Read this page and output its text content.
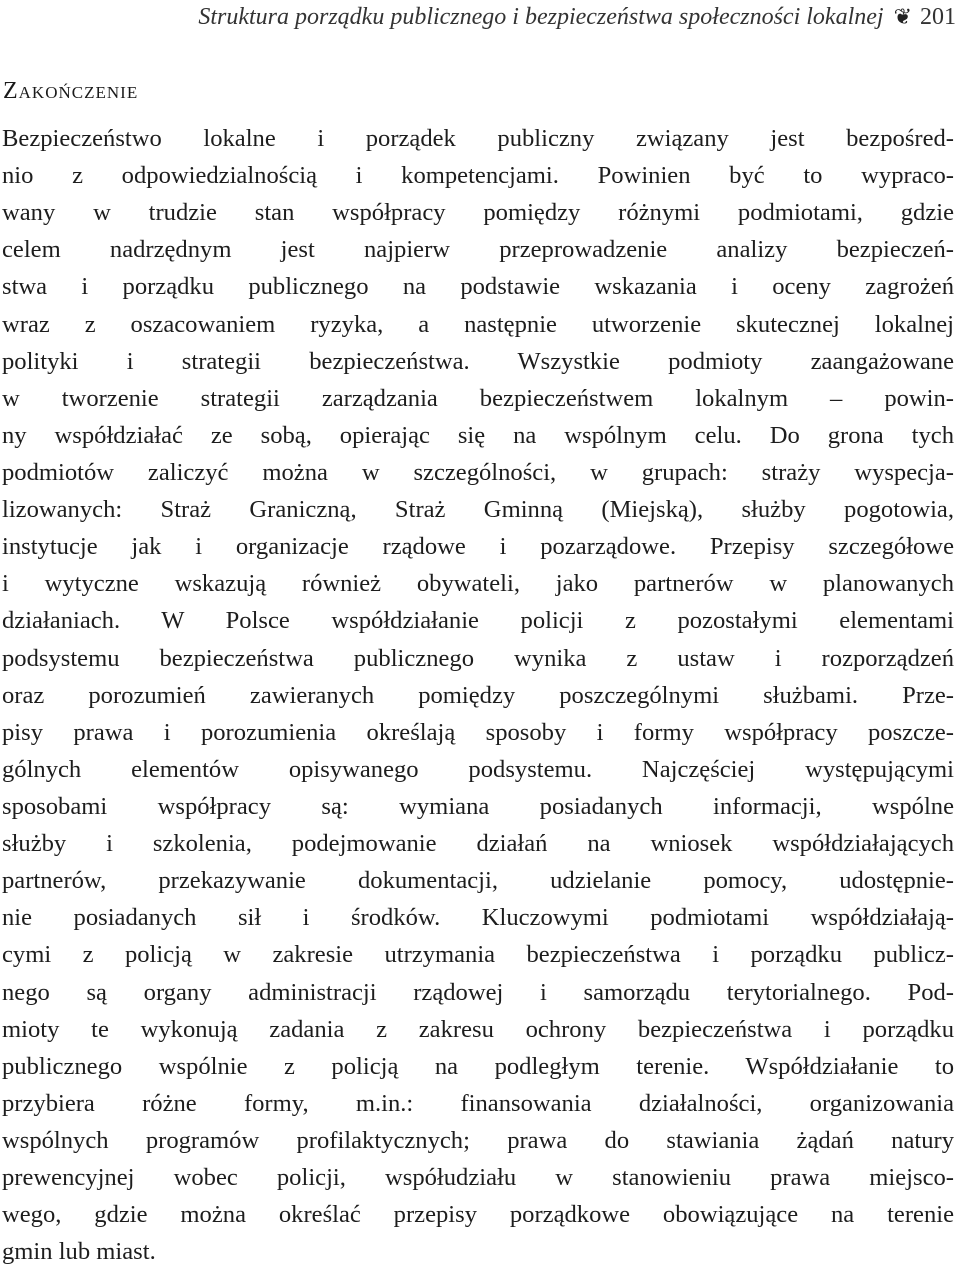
Struktura porządku publicznego i bezpieczeństwa społeczności lokalnej ❦ 201
Zakończenie
Bezpieczeństwo lokalne i porządek publiczny związany jest bezpośred-
nio z odpowiedzialnością i kompetencjami. Powinien być to wypraco-
wany w trudzie stan współpracy pomiędzy różnymi podmiotami, gdzie
celem nadrzędnym jest najpierw przeprowadzenie analizy bezpieczeń-
stwa i porządku publicznego na podstawie wskazania i oceny zagrożeń
wraz z oszacowaniem ryzyka, a następnie utworzenie skutecznej lokalnej
polityki i strategii bezpieczeństwa. Wszystkie podmioty zaangażowane
w tworzenie strategii zarządzania bezpieczeństwem lokalnym – powin-
ny współdziałać ze sobą, opierając się na wspólnym celu. Do grona tych
podmiotów zaliczyć można w szczególności, w grupach: straży wyspecja-
lizowanych: Straż Graniczną, Straż Gminną (Miejską), służby pogotowia,
instytucje jak i organizacje rządowe i pozarządowe. Przepisy szczegółowe
i wytyczne wskazują również obywateli, jako partnerów w planowanych
działaniach. W Polsce współdziałanie policji z pozostałymi elementami
podsystemu bezpieczeństwa publicznego wynika z ustaw i rozporządzeń
oraz porozumień zawieranych pomiędzy poszczególnymi służbami. Prze-
pisy prawa i porozumienia określają sposoby i formy współpracy poszcze-
gólnych elementów opisywanego podsystemu. Najczęściej występującymi
sposobami współpracy są: wymiana posiadanych informacji, wspólne
służby i szkolenia, podejmowanie działań na wniosek współdziałających
partnerów, przekazywanie dokumentacji, udzielanie pomocy, udostępnie-
nie posiadanych sił i środków. Kluczowymi podmiotami współdziałają-
cymi z policją w zakresie utrzymania bezpieczeństwa i porządku publicz-
nego są organy administracji rządowej i samorządu terytorialnego. Pod-
mioty te wykonują zadania z zakresu ochrony bezpieczeństwa i porządku
publicznego wspólnie z policją na podległym terenie. Współdziałanie to
przybiera różne formy, m.in.: finansowania działalności, organizowania
wspólnych programów profilaktycznych; prawa do stawiania żądań natury
prewencyjnej wobec policji, współudziału w stanowieniu prawa miejsco-
wego, gdzie można określać przepisy porządkowe obowiązujące na terenie
gmin lub miast.
